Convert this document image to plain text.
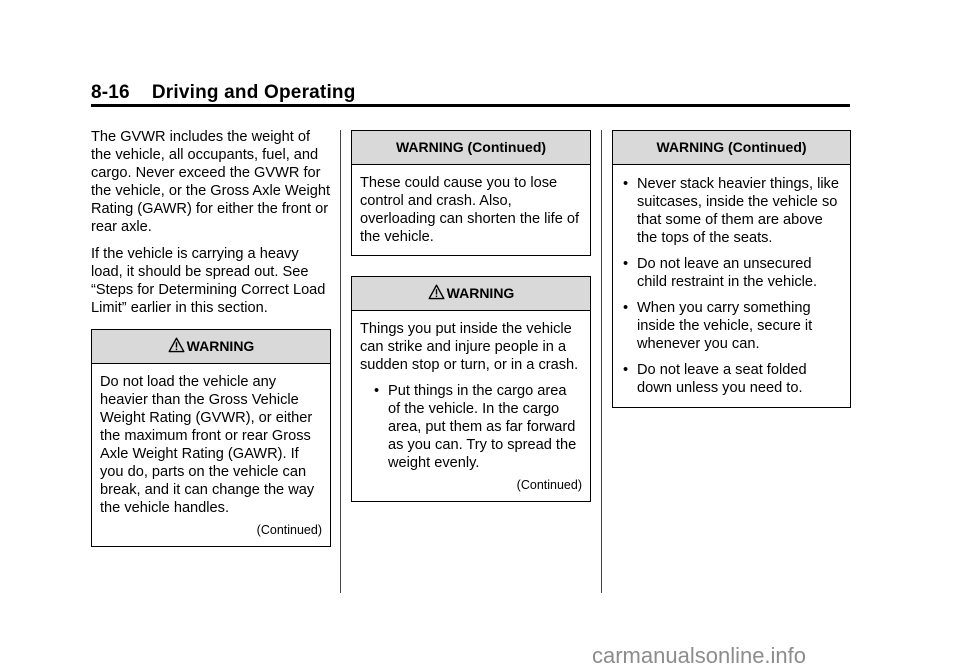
8-16 Driving and Operating

The GVWR includes the weight of the vehicle, all occupants, fuel, and cargo. Never exceed the GVWR for the vehicle, or the Gross Axle Weight Rating (GAWR) for either the front or rear axle.

If the vehicle is carrying a heavy load, it should be spread out. See “Steps for Determining Correct Load Limit” earlier in this section.

WARNING

Do not load the vehicle any heavier than the Gross Vehicle Weight Rating (GVWR), or either the maximum front or rear Gross Axle Weight Rating (GAWR). If you do, parts on the vehicle can break, and it can change the way the vehicle handles.

(Continued)
WARNING (Continued)

These could cause you to lose control and crash. Also, overloading can shorten the life of the vehicle.

WARNING

Things you put inside the vehicle can strike and injure people in a sudden stop or turn, or in a crash.

• Put things in the cargo area of the vehicle. In the cargo area, put them as far forward as you can. Try to spread the weight evenly.
(Continued)
WARNING (Continued)
• Never stack heavier things, like suitcases, inside the vehicle so that some of them are above the tops of the seats.
• Do not leave an unsecured child restraint in the vehicle.
• When you carry something inside the vehicle, secure it whenever you can.
• Do not leave a seat folded down unless you need to.
carmanualsonline.info
